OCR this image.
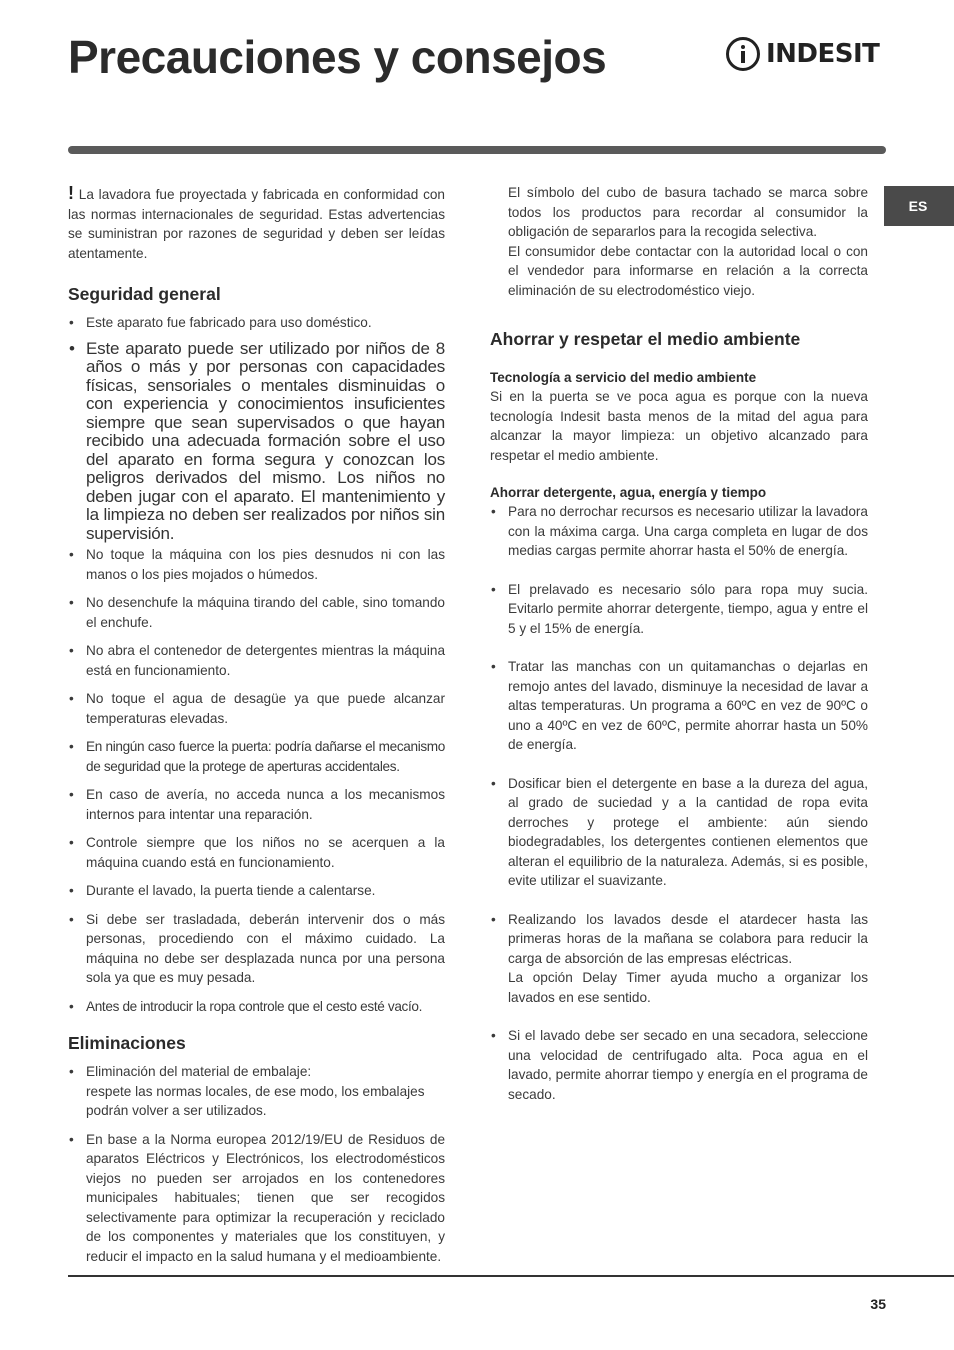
Precauciones y consejos	INDESIT
ES

! La lavadora fue proyectada y fabricada en conformidad con las normas internacionales de seguridad. Estas advertencias se suministran por razones de seguridad y deben ser leídas atentamente.

Seguridad general
• Este aparato fue fabricado para uso doméstico.
• Este aparato puede ser utilizado por niños de 8 años o más y por personas con capacidades físicas, sensoriales o mentales disminuidas o con experiencia y conocimientos insuficientes siempre que sean supervisados o que hayan recibido una adecuada formación sobre el uso del aparato en forma segura y conozcan los peligros derivados del mismo. Los niños no deben jugar con el aparato. El mantenimiento y la limpieza no deben ser realizados por niños sin supervisión.
• No toque la máquina con los pies desnudos ni con las manos o los pies mojados o húmedos.
• No desenchufe la máquina tirando del cable, sino tomando el enchufe.
• No abra el contenedor de detergentes mientras la máquina está en funcionamiento.
• No toque el agua de desagüe ya que puede alcanzar temperaturas elevadas.
• En ningún caso fuerce la puerta: podría dañarse el mecanismo de seguridad que la protege de aperturas accidentales.
• En caso de avería, no acceda nunca a los mecanismos internos para intentar una reparación.
• Controle siempre que los niños no se acerquen a la máquina cuando está en funcionamiento.
• Durante el lavado, la puerta tiende a calentarse.
• Si debe ser trasladada, deberán intervenir dos o más personas, procediendo con el máximo cuidado. La máquina no debe ser desplazada nunca por una persona sola ya que es muy pesada.
• Antes de introducir la ropa controle que el cesto esté vacío.
Eliminaciones
• Eliminación del material de embalaje:
respete las normas locales, de ese modo, los embalajes podrán volver a ser utilizados.
• En base a la Norma europea 2012/19/EU de Residuos de aparatos Eléctricos y Electrónicos, los electrodomésticos viejos no pueden ser arrojados en los contenedores municipales habituales; tienen que ser recogidos selectivamente para optimizar la recuperación y reciclado de los componentes y materiales que los constituyen, y reducir el impacto en la salud humana y el medioambiente.

El símbolo del cubo de basura tachado se marca sobre todos los productos para recordar al consumidor la obligación de separarlos para la recogida selectiva.

El consumidor debe contactar con la autoridad local o con el vendedor para informarse en relación a la correcta eliminación de su electrodoméstico viejo.

Ahorrar y respetar el medio ambiente
Tecnología a servicio del medio ambiente

Si en la puerta se ve poca agua es porque con la nueva tecnología Indesit basta menos de la mitad del agua para alcanzar la mayor limpieza: un objetivo alcanzado para respetar el medio ambiente.

Ahorrar detergente, agua, energía y tiempo
• Para no derrochar recursos es necesario utilizar la lavadora con la máxima carga. Una carga completa en lugar de dos medias cargas permite ahorrar hasta el 50% de energía.
• El prelavado es necesario sólo para ropa muy sucia. Evitarlo permite ahorrar detergente, tiempo, agua y entre el 5 y el 15% de energía.
• Tratar las manchas con un quitamanchas o dejarlas en remojo antes del lavado, disminuye la necesidad de lavar a altas temperaturas. Un programa a 60ºC en vez de 90ºC o uno a 40ºC en vez de 60ºC, permite ahorrar hasta un 50% de energía.
• Dosificar bien el detergente en base a la dureza del agua, al grado de suciedad y a la cantidad de ropa evita derroches y protege el ambiente: aún siendo biodegradables, los detergentes contienen elementos que alteran el equilibrio de la naturaleza. Además, si es posible, evite utilizar el suavizante.
• Realizando los lavados desde el atardecer hasta las primeras horas de la mañana se colabora para reducir la carga de absorción de las empresas eléctricas.
La opción Delay Timer ayuda mucho a organizar los lavados en ese sentido.
• Si el lavado debe ser secado en una secadora, seleccione una velocidad de centrifugado alta. Poca agua en el lavado, permite ahorrar tiempo y energía en el programa de secado.
35
